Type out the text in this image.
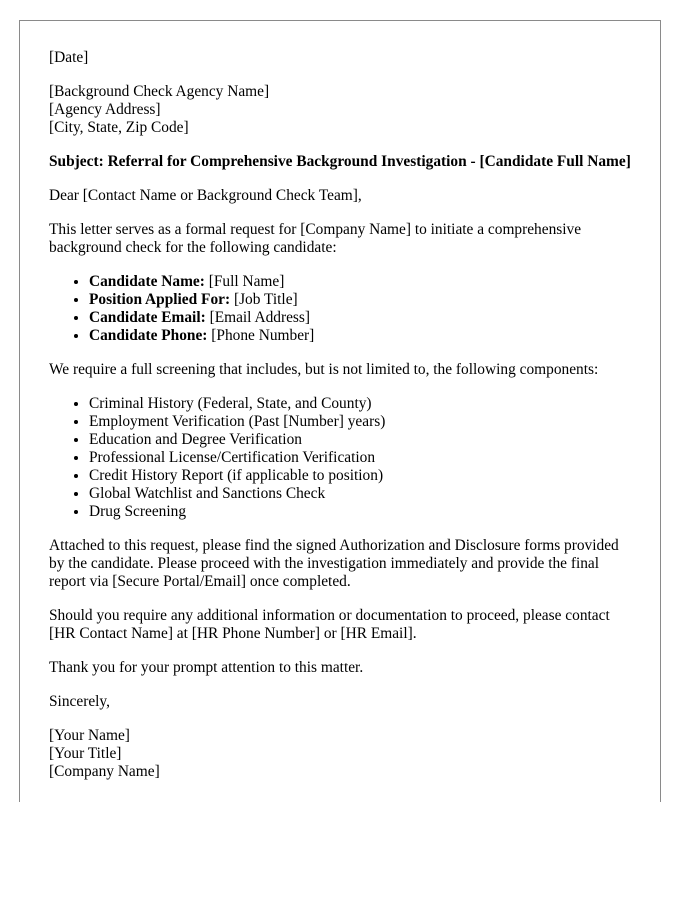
[Date]

[Background Check Agency Name]

[Agency Address]

[City, State, Zip Code]

Subject: Referral for Comprehensive Background Investigation - [Candidate Full Name]

Dear [Contact Name or Background Check Team],

This letter serves as a formal request for [Company Name] to initiate a comprehensive background check for the following candidate:

• Candidate Name: [Full Name]
• Position Applied For: [Job Title]
• Candidate Email: [Email Address]
• Candidate Phone: [Phone Number]

We require a full screening that includes, but is not limited to, the following components:

• Criminal History (Federal, State, and County)
• Employment Verification (Past [Number] years)
• Education and Degree Verification
• Professional License/Certification Verification
• Credit History Report (if applicable to position)
• Global Watchlist and Sanctions Check
• Drug Screening

Attached to this request, please find the signed Authorization and Disclosure forms provided by the candidate. Please proceed with the investigation immediately and provide the final report via [Secure Portal/Email] once completed.

Should you require any additional information or documentation to proceed, please contact [HR Contact Name] at [HR Phone Number] or [HR Email].

Thank you for your prompt attention to this matter.

Sincerely,

[Your Name]

[Your Title]

[Company Name]
